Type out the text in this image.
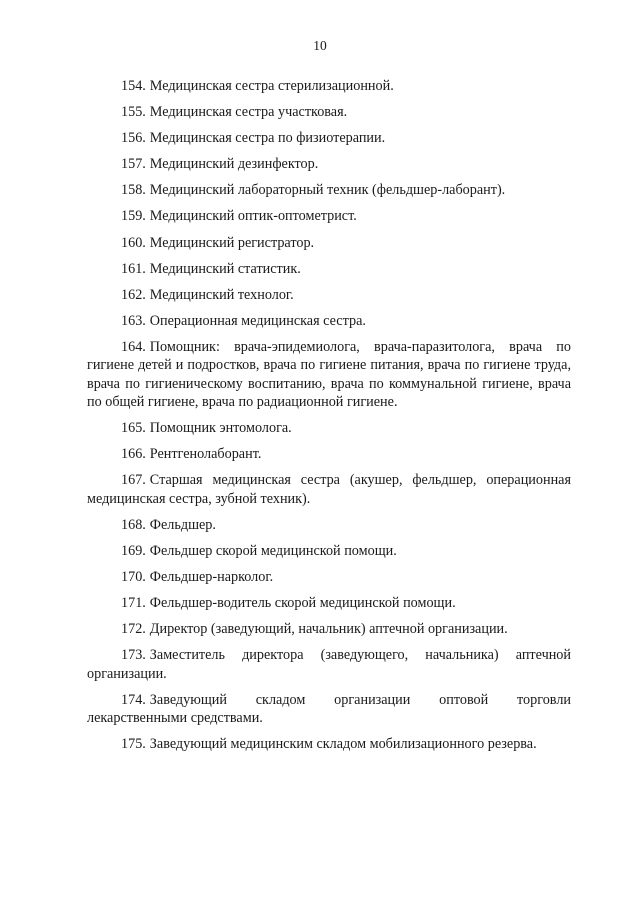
10

154. Медицинская сестра стерилизационной.

155. Медицинская сестра участковая.

156. Медицинская сестра по физиотерапии.

157. Медицинский дезинфектор.

158. Медицинский лабораторный техник (фельдшер-лаборант).

159. Медицинский оптик-оптометрист.

160. Медицинский регистратор.

161. Медицинский статистик.

162. Медицинский технолог.

163. Операционная медицинская сестра.

164. Помощник: врача-эпидемиолога, врача-паразитолога, врача по гигиене детей и подростков, врача по гигиене питания, врача по гигиене труда, врача по гигиеническому воспитанию, врача по коммунальной гигиене, врача по общей гигиене, врача по радиационной гигиене.

165. Помощник энтомолога.

166. Рентгенолаборант.

167. Старшая медицинская сестра (акушер, фельдшер, операционная медицинская сестра, зубной техник).

168. Фельдшер.

169. Фельдшер скорой медицинской помощи.

170. Фельдшер-нарколог.

171. Фельдшер-водитель скорой медицинской помощи.

172. Директор (заведующий, начальник) аптечной организации.

173. Заместитель директора (заведующего, начальника) аптечной организации.

174. Заведующий складом организации оптовой торговли лекарственными средствами.

175. Заведующий медицинским складом мобилизационного резерва.
